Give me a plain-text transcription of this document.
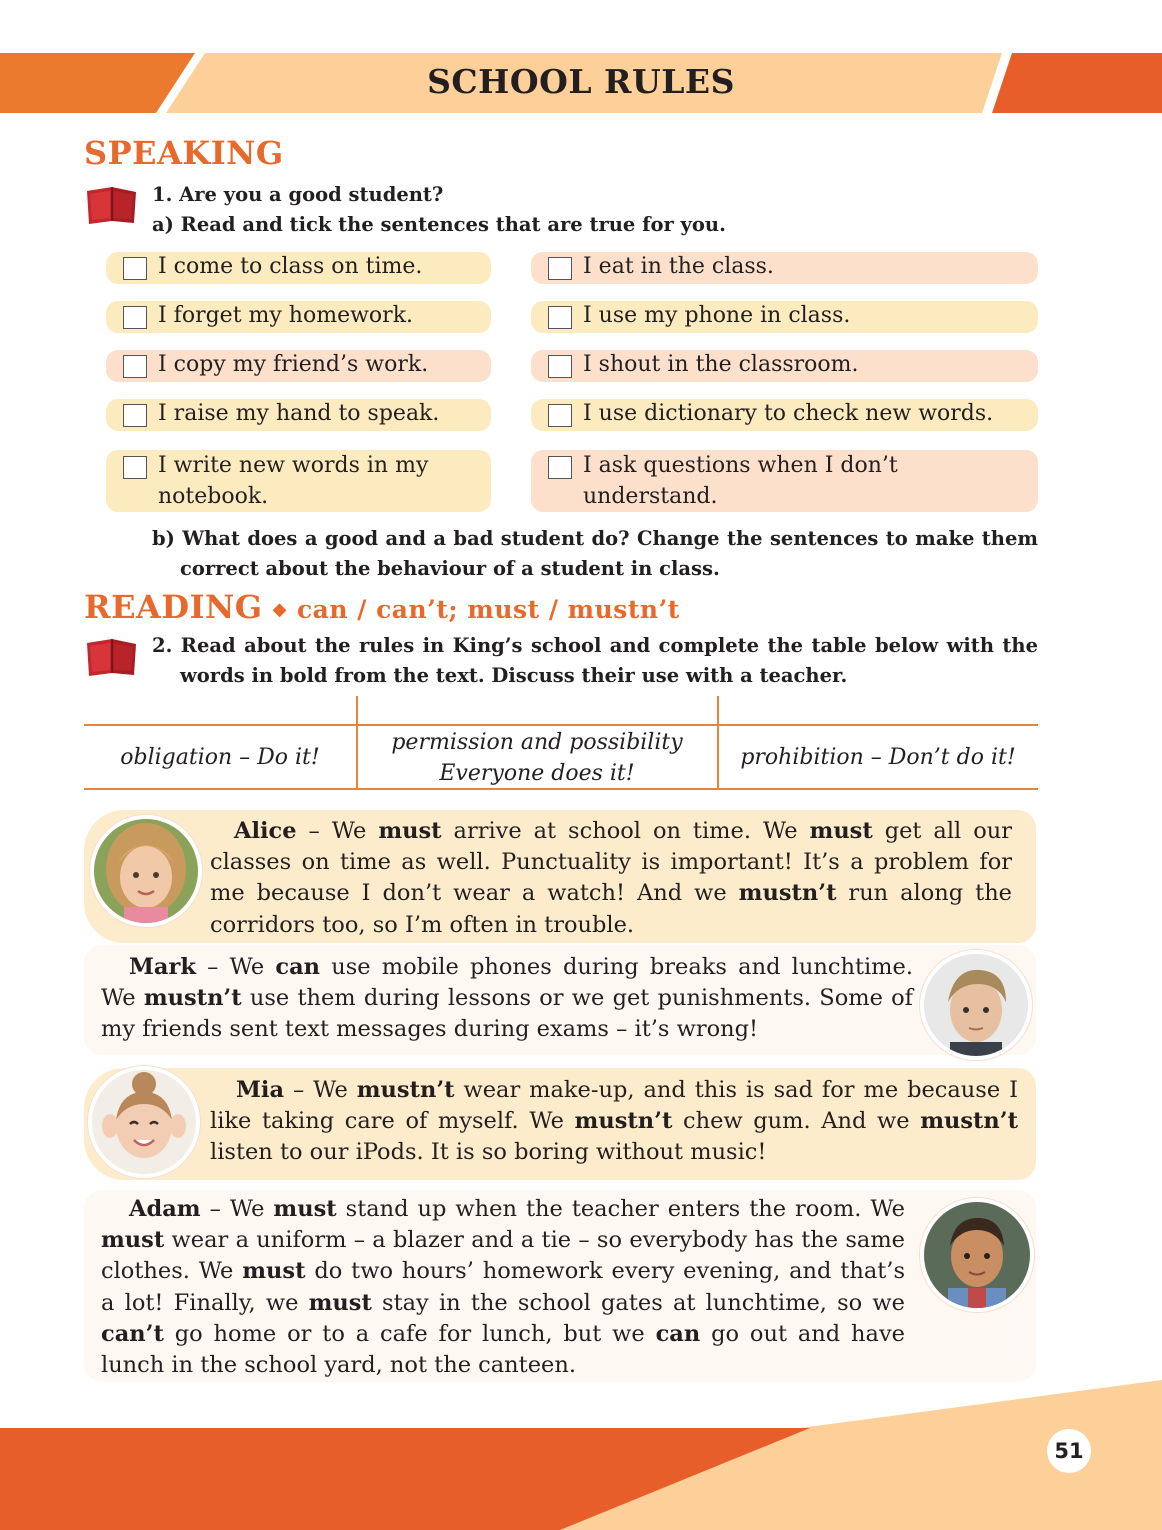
SCHOOL RULES
SPEAKING
1. Are you a good student?
a) Read and tick the sentences that are true for you.
I come to class on time.
I forget my homework.
I copy my friend’s work.
I raise my hand to speak.
I write new words in my notebook.
I eat in the class.
I use my phone in class.
I shout in the classroom.
I use dictionary to check new words.
I ask questions when I don’t understand.
b) What does a good and a bad student do? Change the sentences to make them correct about the behaviour of a student in class.
READING ◆ can / can’t; must / mustn’t
2. Read about the rules in King’s school and complete the table below with the words in bold from the text. Discuss their use with a teacher.
obligation – Do it!
permission and possibility
Everyone does it!
prohibition – Don’t do it!
Alice – We must arrive at school on time. We must get all our classes on time as well. Punctuality is important! It’s a problem for me because I don’t wear a watch! And we mustn’t run along the corridors too, so I’m often in trouble.
Mark – We can use mobile phones during breaks and lunchtime. We mustn’t use them during lessons or we get punishments. Some of my friends sent text messages during exams – it’s wrong!
Mia – We mustn’t wear make-up, and this is sad for me because I like taking care of myself. We mustn’t chew gum. And we mustn’t listen to our iPods. It is so boring without music!
Adam – We must stand up when the teacher enters the room. We must wear a uniform – a blazer and a tie – so everybody has the same clothes. We must do two hours’ homework every evening, and that’s a lot! Finally, we must stay in the school gates at lunchtime, so we can’t go home or to a cafe for lunch, but we can go out and have lunch in the school yard, not the canteen.
51
